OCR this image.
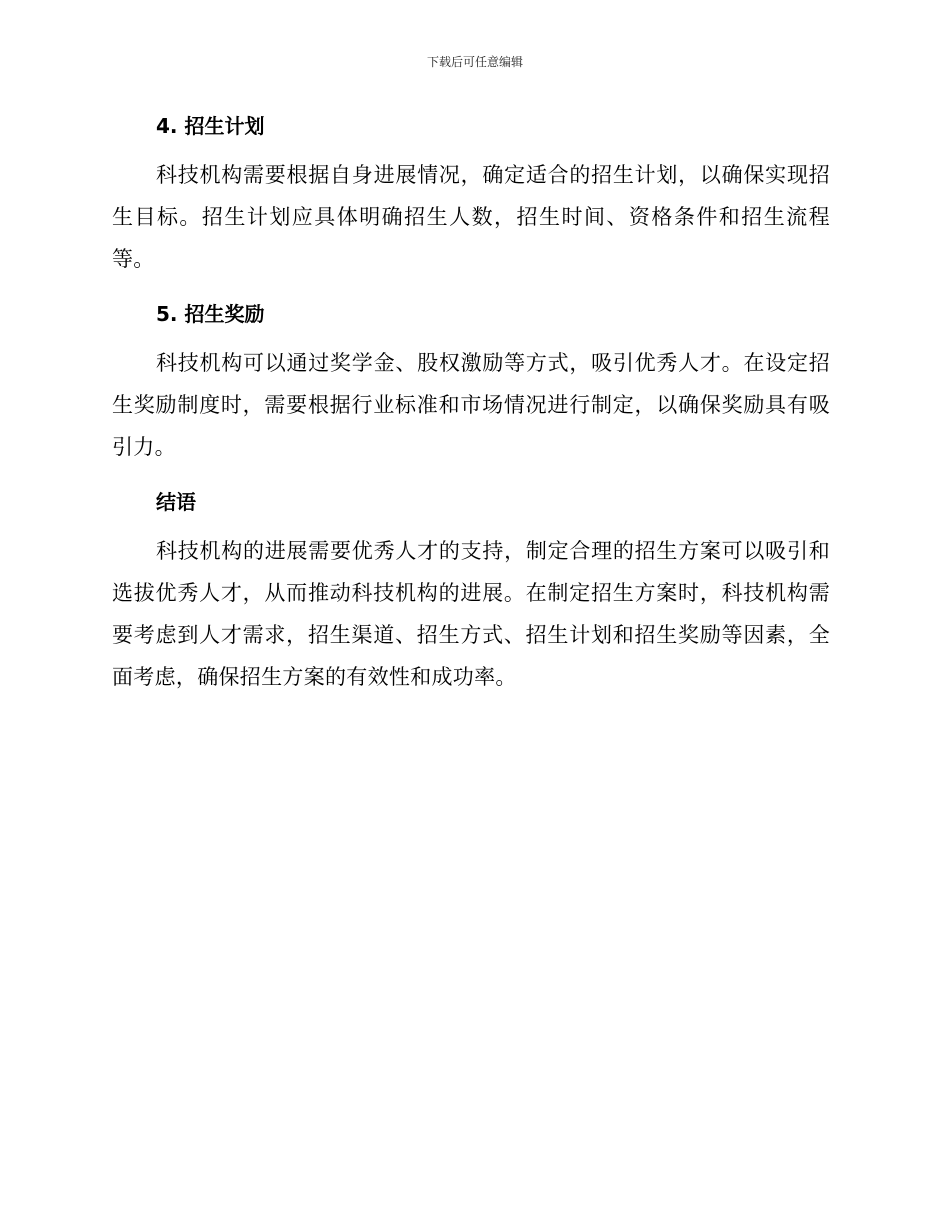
下载后可任意编辑
4. 招生计划

科技机构需要根据自身进展情况，确定适合的招生计划，以确保实现招生目标。招生计划应具体明确招生人数，招生时间、资格条件和招生流程等。

5. 招生奖励

科技机构可以通过奖学金、股权激励等方式，吸引优秀人才。在设定招生奖励制度时，需要根据行业标准和市场情况进行制定，以确保奖励具有吸引力。

结语

科技机构的进展需要优秀人才的支持，制定合理的招生方案可以吸引和选拔优秀人才，从而推动科技机构的进展。在制定招生方案时，科技机构需要考虑到人才需求，招生渠道、招生方式、招生计划和招生奖励等因素，全面考虑，确保招生方案的有效性和成功率。
